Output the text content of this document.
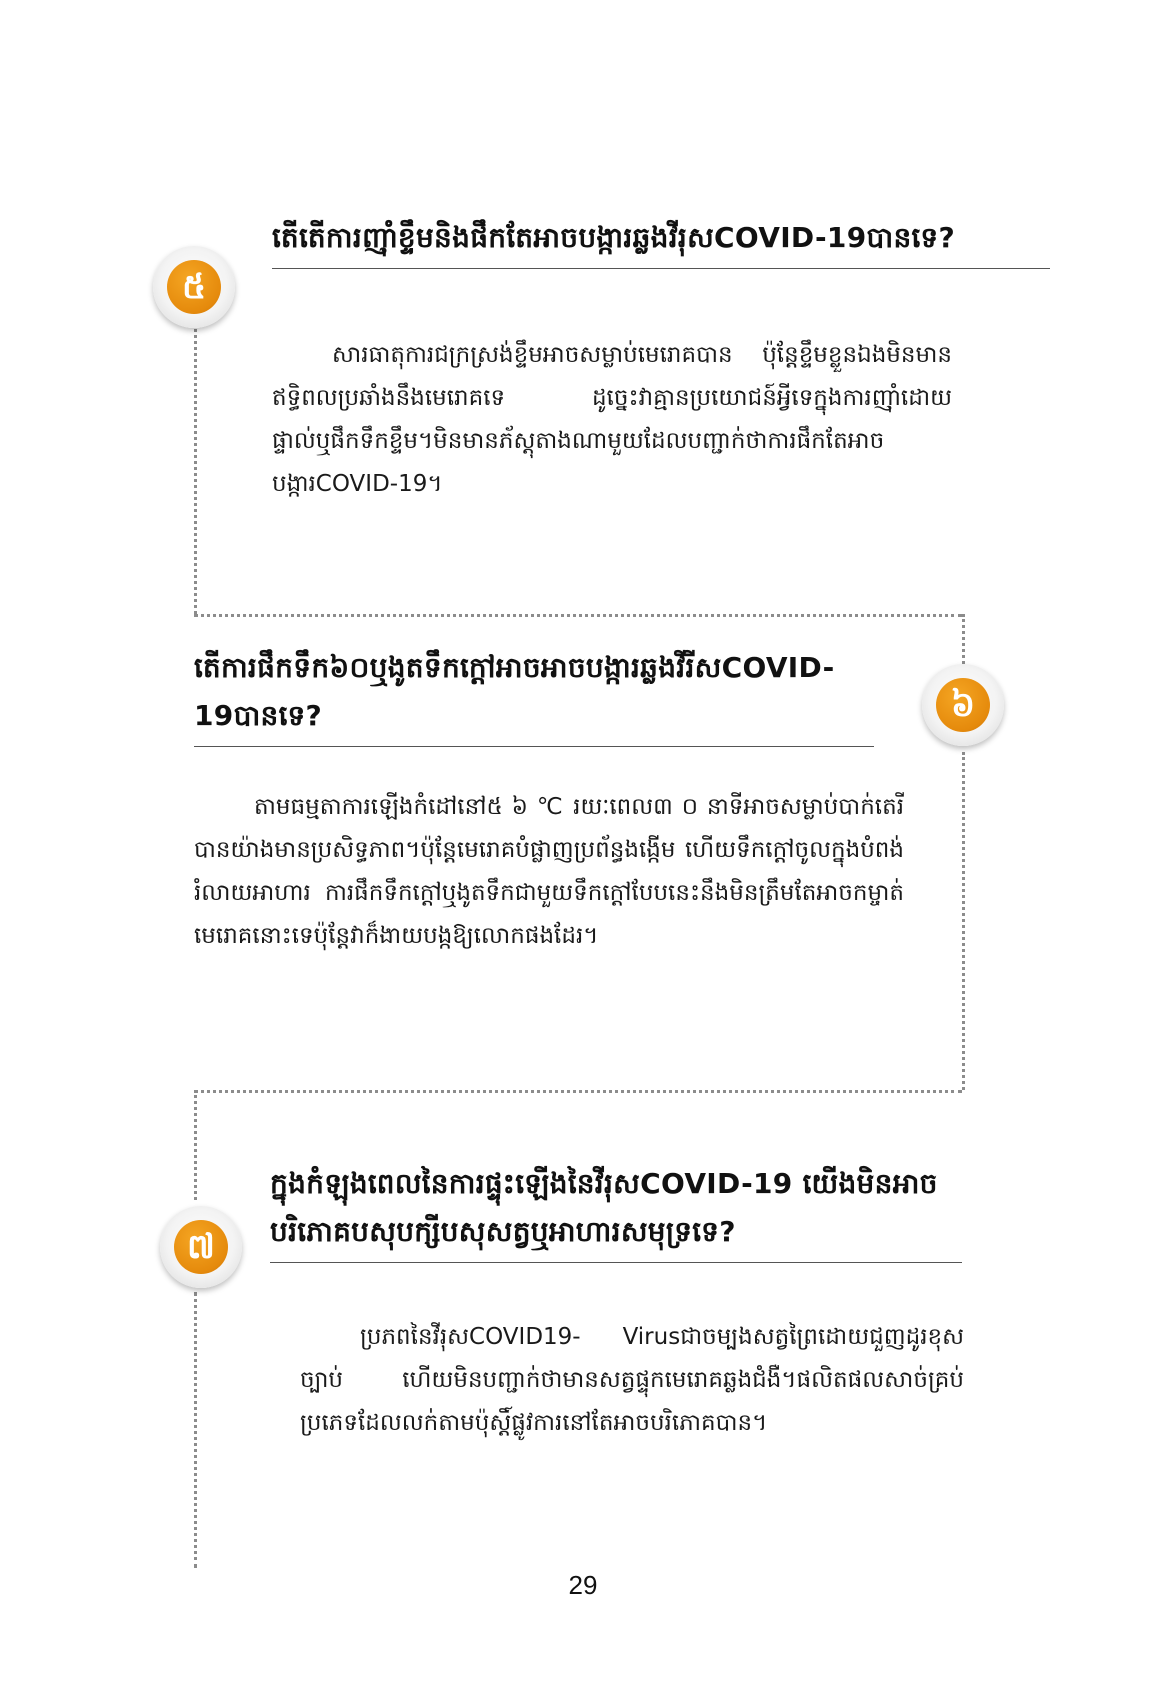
៥
តើតើការញ៉ាំខ្ទឹមនិងផឹកតែអាចបង្ការឆ្លងវីរុសCOVID-19បានទេ?
សារធាតុការជក្រស្រង់ខ្ទឹមអាចសម្លាប់មេរោគបាន ប៉ុន្តែខ្ទឹមខ្លួនឯងមិនមានឥទ្ធិពលប្រឆាំងនឹងមេរោគទេ ដូច្នេះវាគ្មានប្រយោជន៍អ្វីទេក្នុងការញ៉ាំដោយផ្ទាល់ឬផឹកទឹកខ្ទឹម។មិនមានភ័ស្តុតាងណាមួយដែលបញ្ជាក់ថាការផឹកតែអាចបង្ការCOVID-19។
៦
តើការផឹកទឹក៦០ឬងូតទឹកក្តៅអាចអាចបង្ការឆ្លងវីរីសCOVID-19បានទេ?
តាមធម្មតាការឡើងកំដៅនៅ៥ ៦ ℃ រយៈពេល៣ ០ នាទីអាចសម្លាប់បាក់តេរីបានយ៉ាងមានប្រសិទ្ធភាព។ប៉ុន្តែមេរោគបំផ្លាញប្រព័ន្ធងង្កើម ហើយទឹកក្តៅចូលក្នុងបំពង់រំលាយអាហារ ការផឹកទឹកក្តៅឬងូតទឹកជាមួយទឹកក្តៅបែបនេះនឹងមិនត្រឹមតែអាចកម្ចាត់មេរោគនោះទេប៉ុន្តែវាក៏ងាយបង្កឱ្យលោកផងដែរ។
៧
ក្នុងកំឡុងពេលនៃការផ្ទុះឡើងនៃវីរុសCOVID-19 យើងមិនអាចបរិភោគបសុបក្សីបសុសត្វឬអាហារសមុទ្រទេ?
ប្រភពនៃវីរុសCOVID19- Virusជាចម្បងសត្វព្រៃដោយជួញដូរខុសច្បាប់ ហើយមិនបញ្ជាក់ថាមានសត្វផ្ទុកមេរោគឆ្លងជំងឺ។ផលិតផលសាច់គ្រប់ប្រភេទដែលលក់តាមប៉ុស្តិ៍ផ្លូវការនៅតែអាចបរិភោគបាន។
29
